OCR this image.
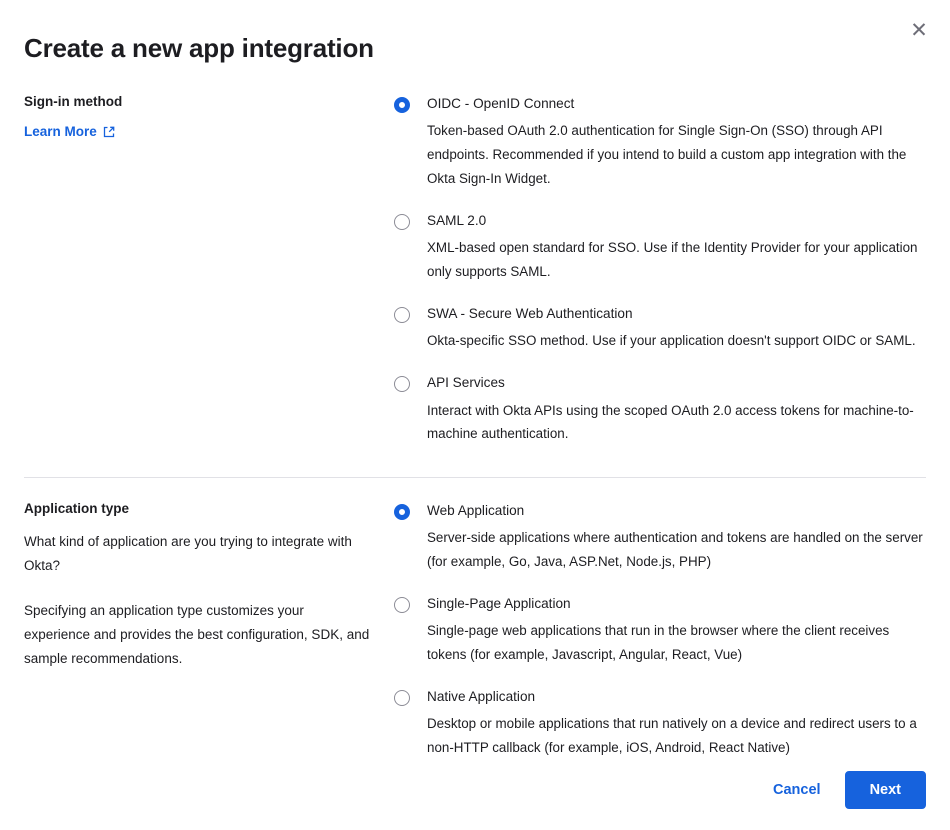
✕
Create a new app integration
Sign-in method
Learn More
OIDC - OpenID Connect
Token-based OAuth 2.0 authentication for Single Sign-On (SSO) through API endpoints. Recommended if you intend to build a custom app integration with the Okta Sign-In Widget.
SAML 2.0
XML-based open standard for SSO. Use if the Identity Provider for your application only supports SAML.
SWA - Secure Web Authentication
Okta-specific SSO method. Use if your application doesn't support OIDC or SAML.
API Services
Interact with Okta APIs using the scoped OAuth 2.0 access tokens for machine-to-machine authentication.
Application type

What kind of application are you trying to integrate with Okta?

Specifying an application type customizes your experience and provides the best configuration, SDK, and sample recommendations.

Web Application
Server-side applications where authentication and tokens are handled on the server (for example, Go, Java, ASP.Net, Node.js, PHP)
Single-Page Application
Single-page web applications that run in the browser where the client receives tokens (for example, Javascript, Angular, React, Vue)
Native Application
Desktop or mobile applications that run natively on a device and redirect users to a non-HTTP callback (for example, iOS, Android, React Native)
Cancel	Next
